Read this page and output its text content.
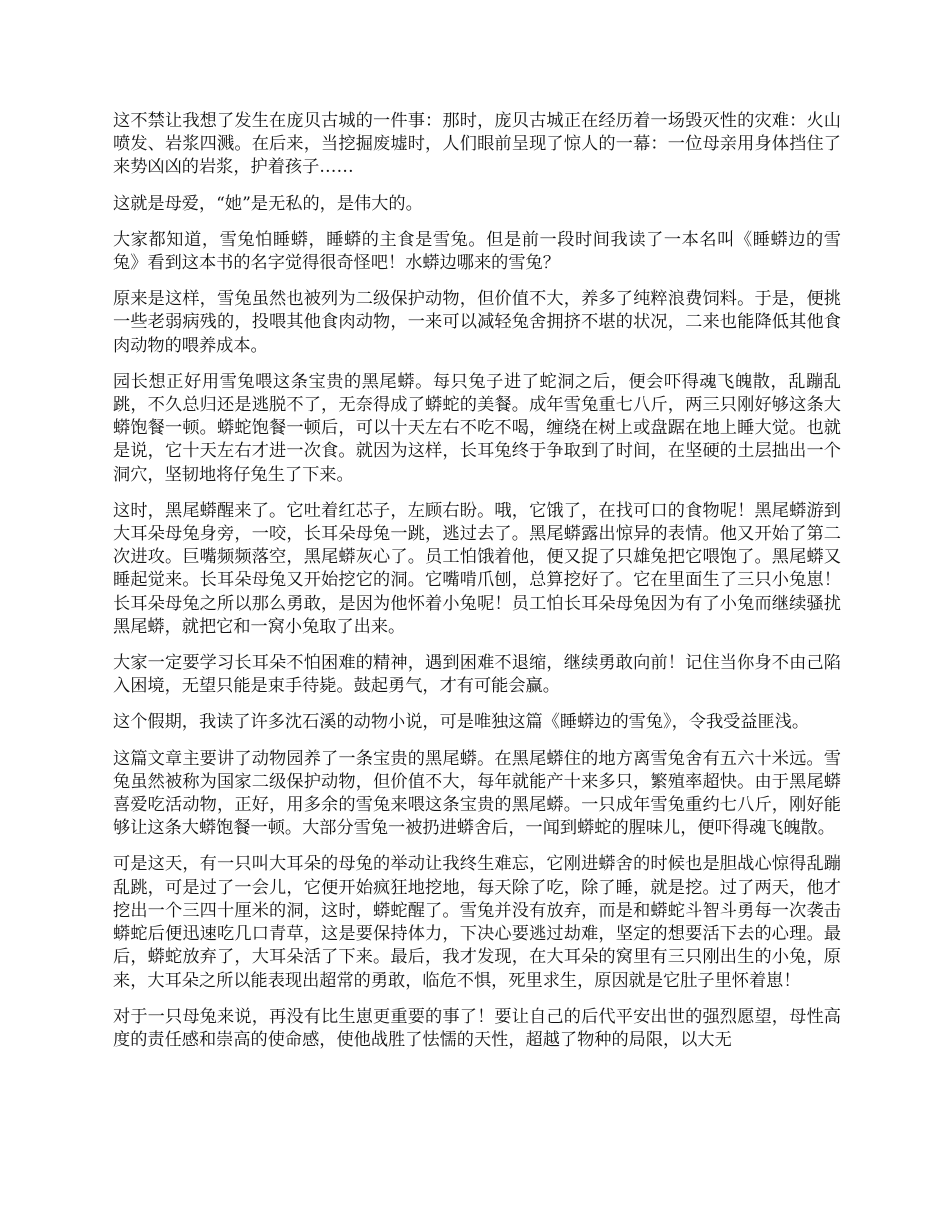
这不禁让我想了发生在庞贝古城的一件事：那时，庞贝古城正在经历着一场毁灭性的灾难：火山喷发、岩浆四溅。在后来，当挖掘废墟时，人们眼前呈现了惊人的一幕：一位母亲用身体挡住了来势凶凶的岩浆，护着孩子……

这就是母爱，“她”是无私的，是伟大的。

大家都知道，雪兔怕睡蟒，睡蟒的主食是雪兔。但是前一段时间我读了一本名叫《睡蟒边的雪兔》看到这本书的名字觉得很奇怪吧！水蟒边哪来的雪兔？

原来是这样，雪兔虽然也被列为二级保护动物，但价值不大，养多了纯粹浪费饲料。于是，便挑一些老弱病残的，投喂其他食肉动物，一来可以减轻兔舍拥挤不堪的状况，二来也能降低其他食肉动物的喂养成本。

园长想正好用雪兔喂这条宝贵的黑尾蟒。每只兔子进了蛇洞之后，便会吓得魂飞魄散，乱蹦乱跳，不久总归还是逃脱不了，无奈得成了蟒蛇的美餐。成年雪兔重七八斤，两三只刚好够这条大蟒饱餐一顿。蟒蛇饱餐一顿后，可以十天左右不吃不喝，缠绕在树上或盘踞在地上睡大觉。也就是说，它十天左右才进一次食。就因为这样，长耳兔终于争取到了时间，在坚硬的土层拙出一个洞穴，坚韧地将仔兔生了下来。

这时，黑尾蟒醒来了。它吐着红芯子，左顾右盼。哦，它饿了，在找可口的食物呢！黑尾蟒游到大耳朵母兔身旁，一咬，长耳朵母兔一跳，逃过去了。黑尾蟒露出惊异的表情。他又开始了第二次进攻。巨嘴频频落空，黑尾蟒灰心了。员工怕饿着他，便又捉了只雄兔把它喂饱了。黑尾蟒又睡起觉来。长耳朵母兔又开始挖它的洞。它嘴啃爪刨，总算挖好了。它在里面生了三只小兔崽！长耳朵母兔之所以那么勇敢，是因为他怀着小兔呢！员工怕长耳朵母兔因为有了小兔而继续骚扰黑尾蟒，就把它和一窝小兔取了出来。

大家一定要学习长耳朵不怕困难的精神，遇到困难不退缩，继续勇敢向前！记住当你身不由己陷入困境，无望只能是束手待毙。鼓起勇气，才有可能会赢。

这个假期，我读了许多沈石溪的动物小说，可是唯独这篇《睡蟒边的雪兔》，令我受益匪浅。

这篇文章主要讲了动物园养了一条宝贵的黑尾蟒。在黑尾蟒住的地方离雪兔舍有五六十米远。雪兔虽然被称为国家二级保护动物，但价值不大，每年就能产十来多只，繁殖率超快。由于黑尾蟒喜爱吃活动物，正好，用多余的雪兔来喂这条宝贵的黑尾蟒。一只成年雪兔重约七八斤，刚好能够让这条大蟒饱餐一顿。大部分雪兔一被扔进蟒舍后，一闻到蟒蛇的腥味儿，便吓得魂飞魄散。

可是这天，有一只叫大耳朵的母兔的举动让我终生难忘，它刚进蟒舍的时候也是胆战心惊得乱蹦乱跳，可是过了一会儿，它便开始疯狂地挖地，每天除了吃，除了睡，就是挖。过了两天，他才挖出一个三四十厘米的洞，这时，蟒蛇醒了。雪兔并没有放弃，而是和蟒蛇斗智斗勇每一次袭击蟒蛇后便迅速吃几口青草，这是要保持体力，下决心要逃过劫难，坚定的想要活下去的心理。最后，蟒蛇放弃了，大耳朵活了下来。最后，我才发现，在大耳朵的窝里有三只刚出生的小兔，原来，大耳朵之所以能表现出超常的勇敢，临危不惧，死里求生，原因就是它肚子里怀着崽！

对于一只母兔来说，再没有比生崽更重要的事了！要让自己的后代平安出世的强烈愿望，母性高度的责任感和崇高的使命感，使他战胜了怯懦的天性，超越了物种的局限，以大无
